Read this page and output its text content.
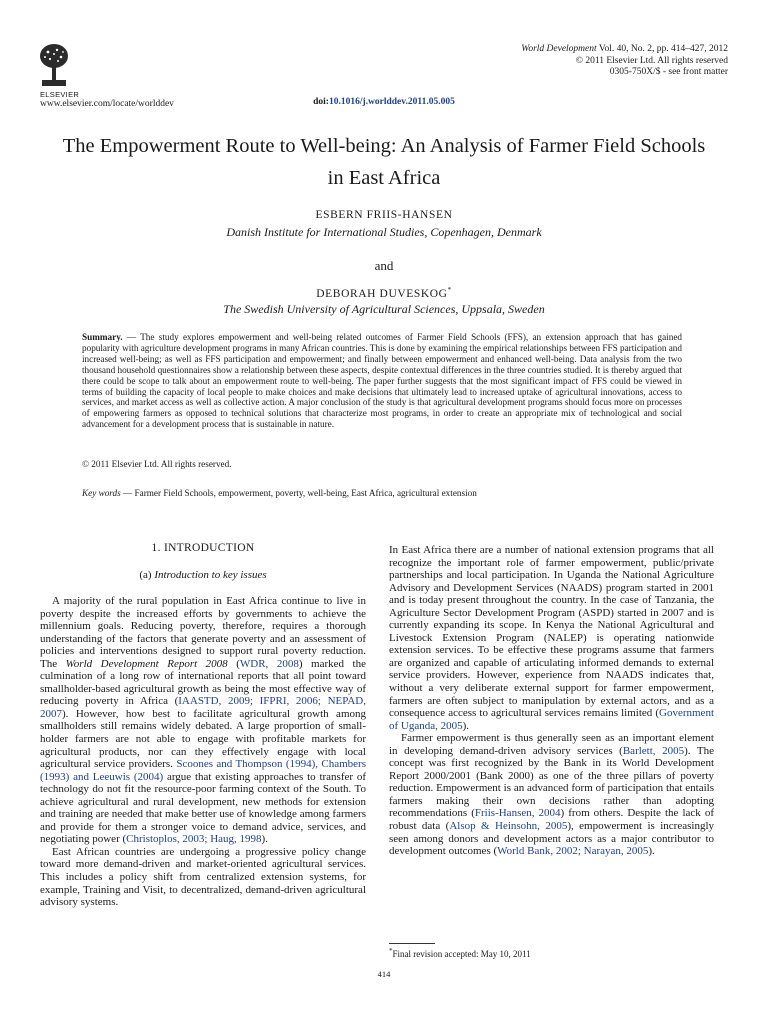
ELSEVIER
www.elsevier.com/locate/worlddev
World Development Vol. 40, No. 2, pp. 414–427, 2012
© 2011 Elsevier Ltd. All rights reserved
0305-750X/$ - see front matter
doi:10.1016/j.worlddev.2011.05.005
The Empowerment Route to Well-being: An Analysis of Farmer Field Schools in East Africa
ESBERN FRIIS-HANSEN
Danish Institute for International Studies, Copenhagen, Denmark
and
DEBORAH DUVESKOG*
The Swedish University of Agricultural Sciences, Uppsala, Sweden
Summary. — The study explores empowerment and well-being related outcomes of Farmer Field Schools (FFS), an extension approach that has gained popularity with agriculture development programs in many African countries. This is done by examining the empirical relationships between FFS participation and increased well-being; as well as FFS participation and empowerment; and finally between empowerment and enhanced well-being. Data analysis from the two thousand household questionnaires show a relationship between these aspects, despite contextual differences in the three countries studied. It is thereby argued that there could be scope to talk about an empowerment route to well-being. The paper further suggests that the most significant impact of FFS could be viewed in terms of building the capacity of local people to make choices and make decisions that ultimately lead to increased uptake of agricultural innovations, access to services, and market access as well as collective action. A major conclusion of the study is that agricultural development programs should focus more on processes of empowering farmers as opposed to technical solutions that characterize most programs, in order to create an appropriate mix of technological and social advancement for a development process that is sustainable in nature.
© 2011 Elsevier Ltd. All rights reserved.
Key words — Farmer Field Schools, empowerment, poverty, well-being, East Africa, agricultural extension
1. INTRODUCTION
(a) Introduction to key issues

A majority of the rural population in East Africa continue to live in poverty despite the increased efforts by governments to achieve the millennium goals. Reducing poverty, therefore, requires a thorough understanding of the factors that generate poverty and an assessment of policies and interventions designed to support rural poverty reduction. The World Development Report 2008 (WDR, 2008) marked the culmination of a long row of international reports that all point toward smallholder-based agricultural growth as being the most effective way of reducing poverty in Africa (IAASTD, 2009; IFPRI, 2006; NEPAD, 2007). However, how best to facilitate agricultural growth among smallholders still remains widely debated. A large proportion of small-holder farmers are not able to engage with profitable markets for agricultural products, nor can they effectively engage with local agricultural service providers. Scoones and Thompson (1994), Chambers (1993) and Leeuwis (2004) argue that existing approaches to transfer of technology do not fit the resource-poor farming context of the South. To achieve agricultural and rural development, new methods for extension and training are needed that make better use of knowledge among farmers and provide for them a stronger voice to demand advice, services, and negotiating power (Christoplos, 2003; Haug, 1998).

East African countries are undergoing a progressive policy change toward more demand-driven and market-oriented agricultural services. This includes a policy shift from centralized extension systems, for example, Training and Visit, to decentralized, demand-driven agricultural advisory systems.

In East Africa there are a number of national extension programs that all recognize the important role of farmer empowerment, public/private partnerships and local participation. In Uganda the National Agriculture Advisory and Development Services (NAADS) program started in 2001 and is today present throughout the country. In the case of Tanzania, the Agriculture Sector Development Program (ASPD) started in 2007 and is currently expanding its scope. In Kenya the National Agricultural and Livestock Extension Program (NALEP) is operating nationwide extension services. To be effective these programs assume that farmers are organized and capable of articulating informed demands to external service providers. However, experience from NAADS indicates that, without a very deliberate external support for farmer empowerment, farmers are often subject to manipulation by external actors, and as a consequence access to agricultural services remains limited (Government of Uganda, 2005).

Farmer empowerment is thus generally seen as an important element in developing demand-driven advisory services (Barlett, 2005). The concept was first recognized by the Bank in its World Development Report 2000/2001 (Bank 2000) as one of the three pillars of poverty reduction. Empowerment is an advanced form of participation that entails farmers making their own decisions rather than adopting recommendations (Friis-Hansen, 2004) from others. Despite the lack of robust data (Alsop & Heinsohn, 2005), empowerment is increasingly seen among donors and development actors as a major contributor to development outcomes (World Bank, 2002; Narayan, 2005).

*Final revision accepted: May 10, 2011
414
